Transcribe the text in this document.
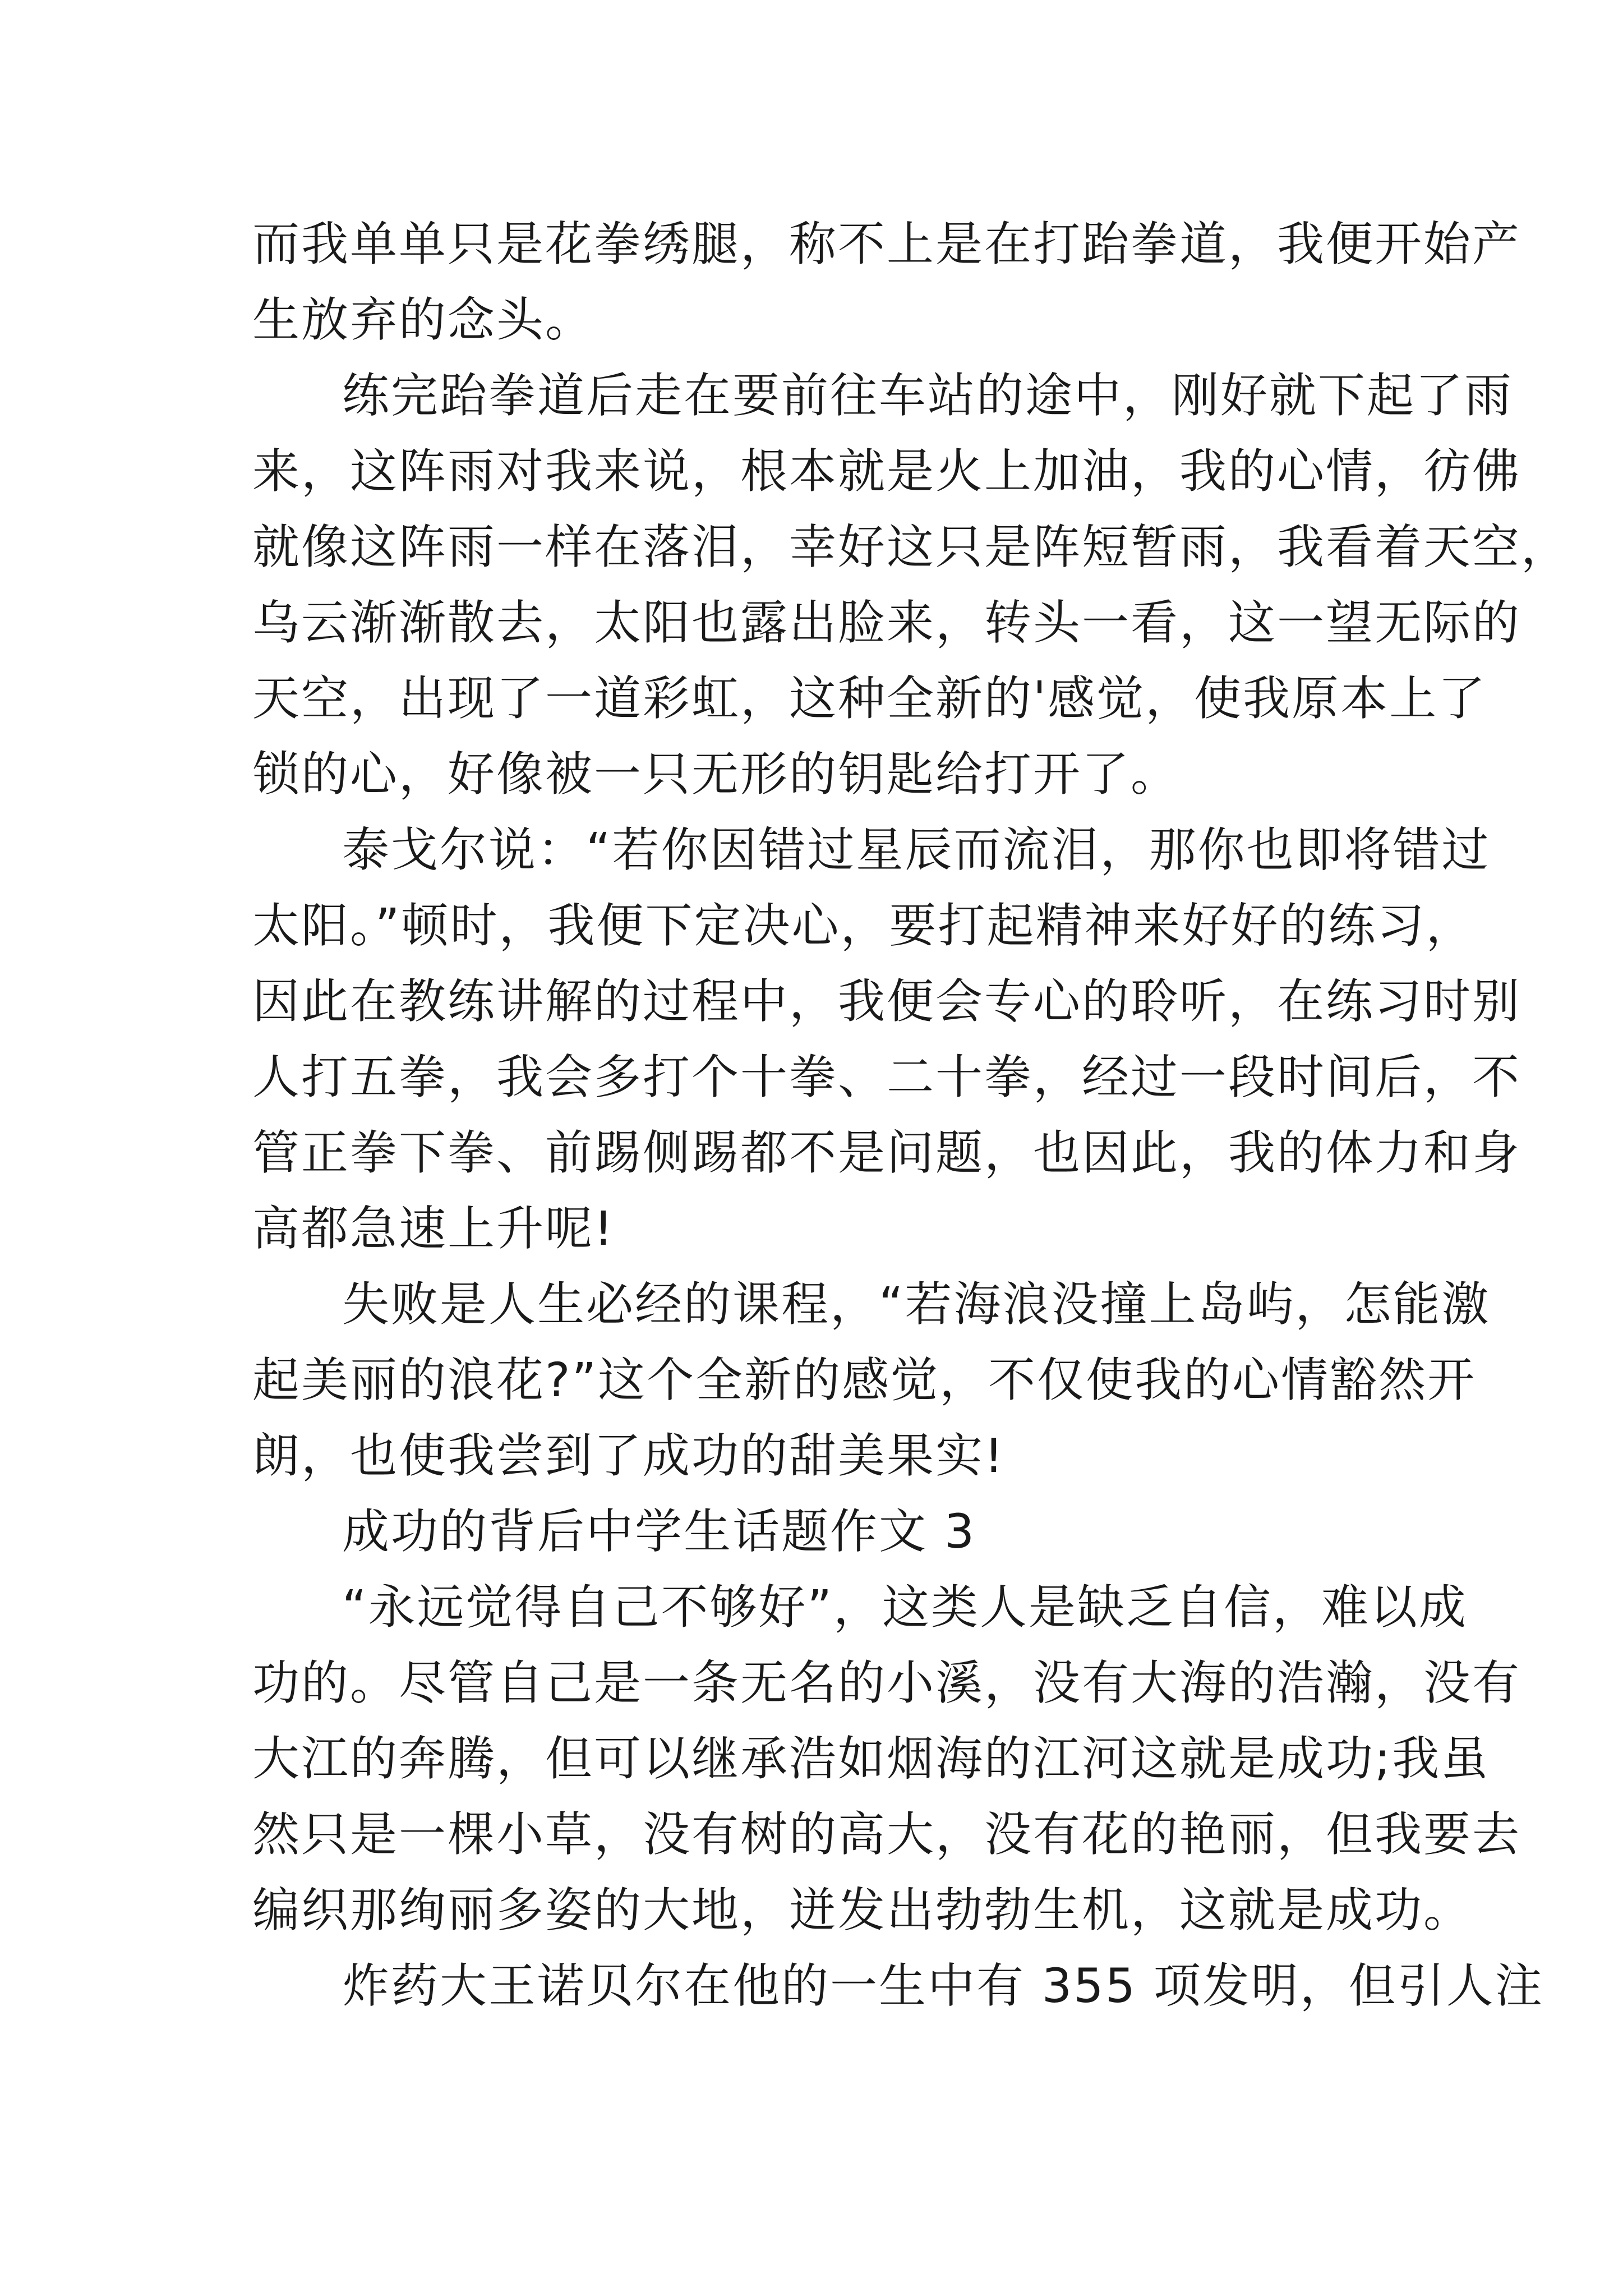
而我单单只是花拳绣腿，称不上是在打跆拳道，我便开始产
生放弃的念头。
练完跆拳道后走在要前往车站的途中，刚好就下起了雨
来，这阵雨对我来说，根本就是火上加油，我的心情，彷佛
就像这阵雨一样在落泪，幸好这只是阵短暂雨，我看着天空，
乌云渐渐散去，太阳也露出脸来，转头一看，这一望无际的
天空，出现了一道彩虹，这种全新的'感觉，使我原本上了
锁的心，好像被一只无形的钥匙给打开了。
泰戈尔说：“若你因错过星辰而流泪，那你也即将错过
太阳。”顿时，我便下定决心，要打起精神来好好的练习，
因此在教练讲解的过程中，我便会专心的聆听，在练习时别
人打五拳，我会多打个十拳、二十拳，经过一段时间后，不
管正拳下拳、前踢侧踢都不是问题，也因此，我的体力和身
高都急速上升呢!
失败是人生必经的课程，“若海浪没撞上岛屿，怎能激
起美丽的浪花?”这个全新的感觉，不仅使我的心情豁然开
朗，也使我尝到了成功的甜美果实!
成功的背后中学生话题作文 3
“永远觉得自己不够好”，这类人是缺乏自信，难以成
功的。尽管自己是一条无名的小溪，没有大海的浩瀚，没有
大江的奔腾，但可以继承浩如烟海的江河这就是成功;我虽
然只是一棵小草，没有树的高大，没有花的艳丽，但我要去
编织那绚丽多姿的大地，迸发出勃勃生机，这就是成功。
炸药大王诺贝尔在他的一生中有 355 项发明，但引人注
